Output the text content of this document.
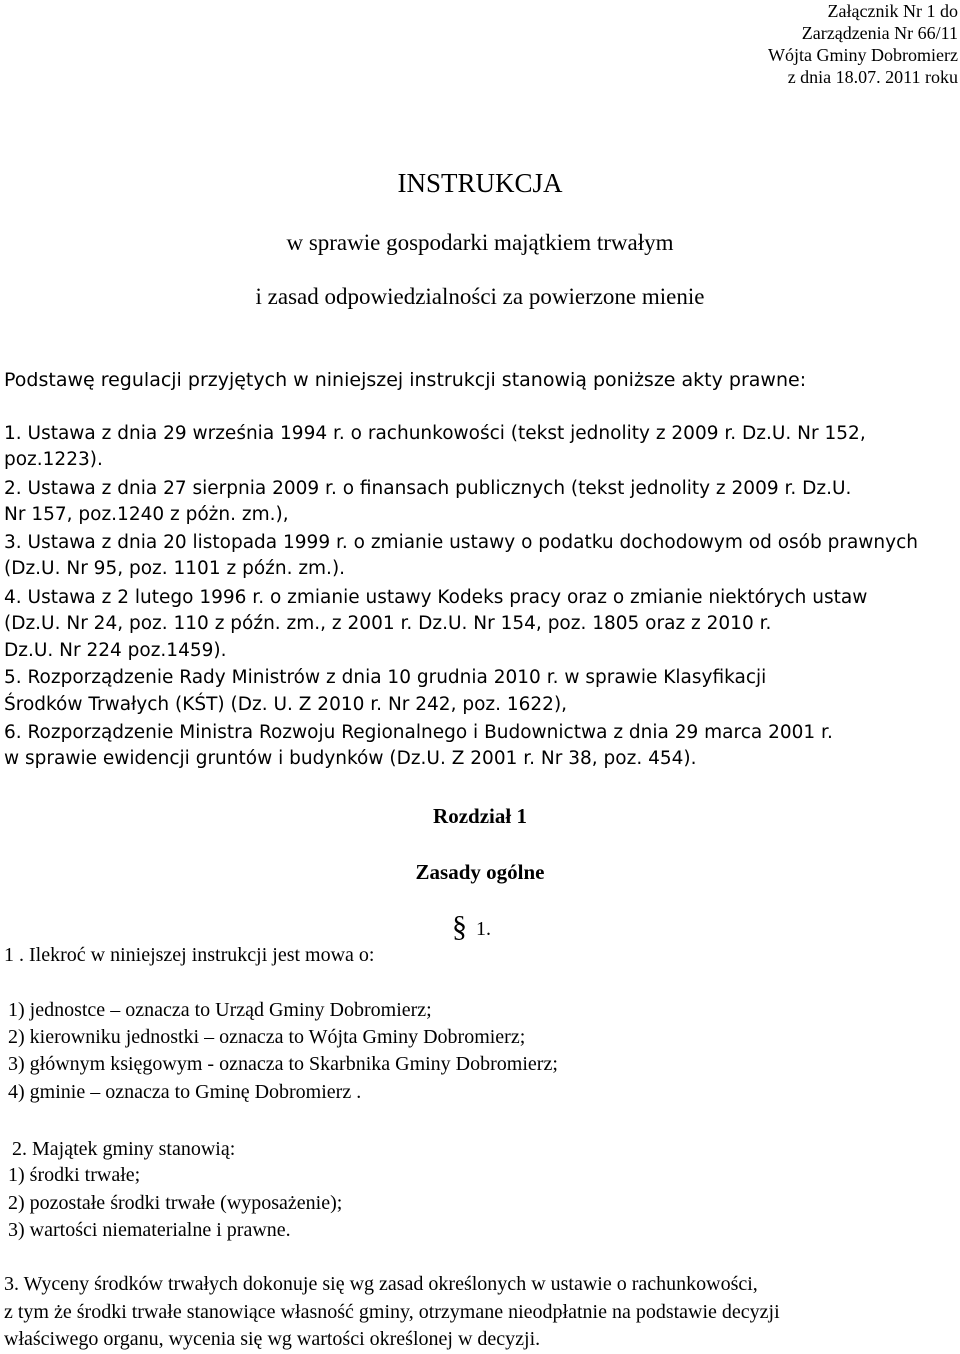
Załącznik Nr 1 do

Zarządzenia Nr 66/11

Wójta Gminy Dobromierz

z dnia 18.07. 2011 roku

INSTRUKCJA

w sprawie gospodarki majątkiem trwałym

i zasad odpowiedzialności za powierzone mienie

Podstawę regulacji przyjętych w niniejszej instrukcji stanowią poniższe akty prawne:

1. Ustawa z dnia 29 września 1994 r. o rachunkowości (tekst jednolity z 2009 r. Dz.U. Nr 152,

poz.1223).

2. Ustawa z dnia 27 sierpnia 2009 r. o finansach publicznych (tekst jednolity z 2009 r. Dz.U.

Nr 157, poz.1240 z póżn. zm.),

3. Ustawa z dnia 20 listopada 1999 r. o zmianie ustawy o podatku dochodowym od osób prawnych

(Dz.U. Nr 95, poz. 1101 z późn. zm.).

4. Ustawa z 2 lutego 1996 r. o zmianie ustawy Kodeks pracy oraz o zmianie niektórych ustaw

(Dz.U. Nr 24, poz. 110 z późn. zm., z 2001 r. Dz.U. Nr 154, poz. 1805 oraz z 2010 r.

Dz.U. Nr 224 poz.1459).

5. Rozporządzenie Rady Ministrów z dnia 10 grudnia 2010 r. w sprawie Klasyfikacji

Środków Trwałych (KŚT) (Dz. U. Z 2010 r. Nr 242, poz. 1622),

6. Rozporządzenie Ministra Rozwoju Regionalnego i Budownictwa z dnia 29 marca 2001 r.

w sprawie ewidencji gruntów i budynków (Dz.U. Z 2001 r. Nr 38, poz. 454).

Rozdział 1

Zasady ogólne

§ 1.

1 . Ilekroć w niniejszej instrukcji jest mowa o:

1) jednostce – oznacza to Urząd Gminy Dobromierz;

2) kierowniku jednostki – oznacza to Wójta Gminy Dobromierz;

3) głównym księgowym - oznacza to Skarbnika Gminy Dobromierz;

4) gminie – oznacza to Gminę Dobromierz .

2. Majątek gminy stanowią:

1) środki trwałe;

2) pozostałe środki trwałe (wyposażenie);

3) wartości niematerialne i prawne.

3. Wyceny środków trwałych dokonuje się wg zasad określonych w ustawie o rachunkowości,

z tym że środki trwałe stanowiące własność gminy, otrzymane nieodpłatnie na podstawie decyzji

właściwego organu, wycenia się wg wartości określonej w decyzji.
